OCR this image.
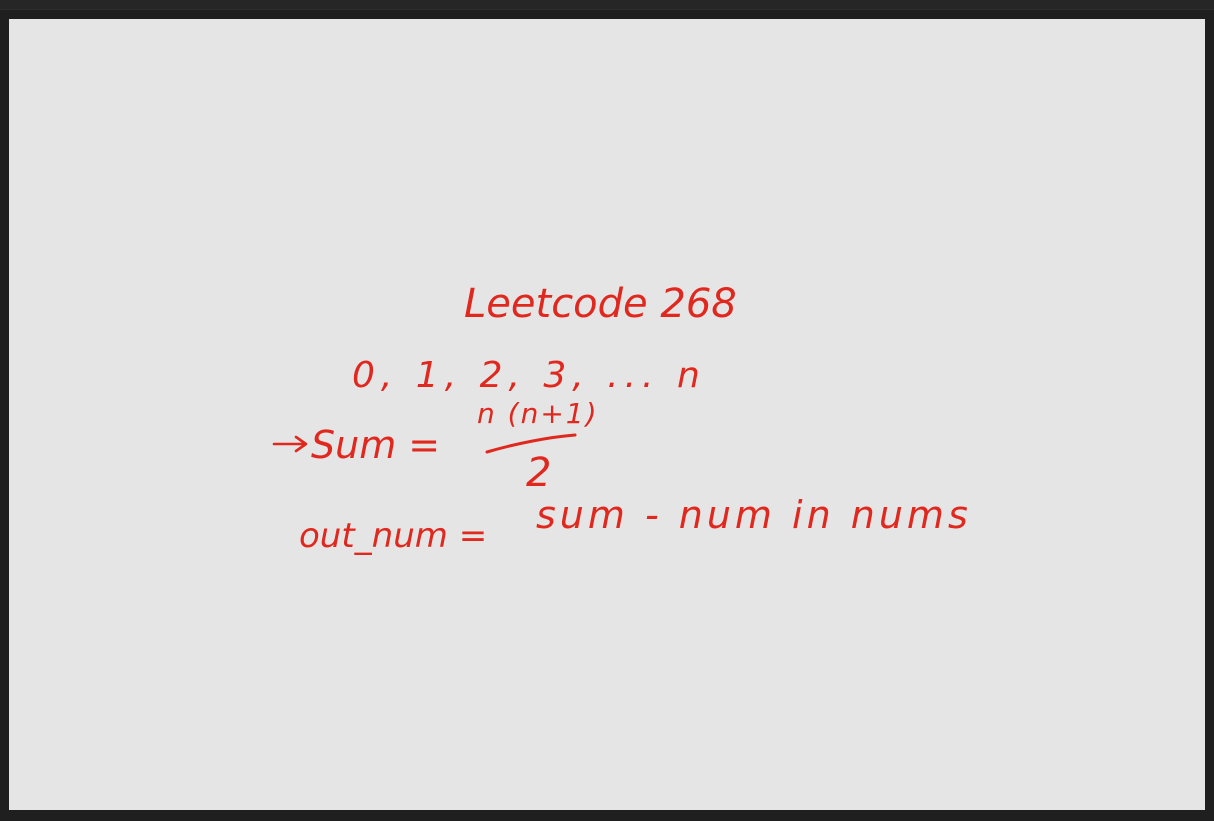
Leetcode 268
0, 1, 2, 3, ... n
Sum =
n (n+1)
2
out_num = sum - num in nums
